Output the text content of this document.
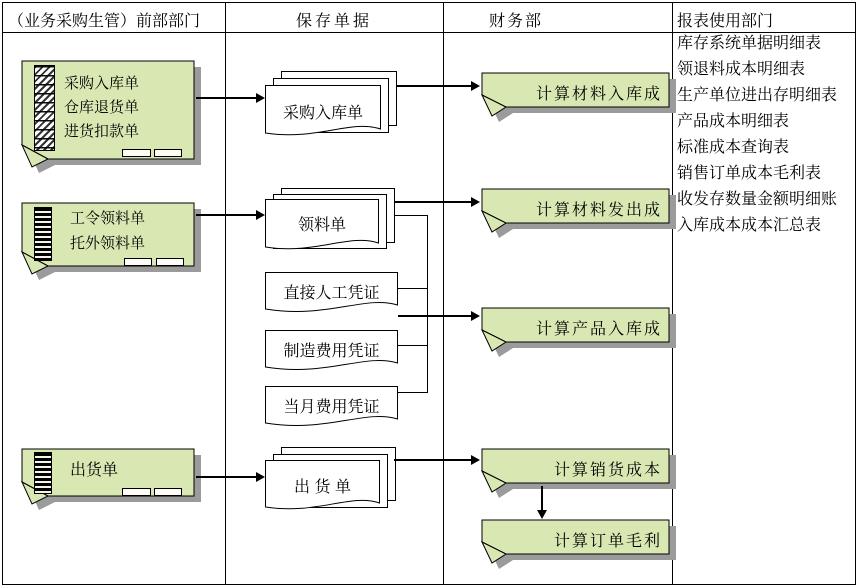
（业务采购生管）前部部门	保存单据	财务部	报表使用部门
采购入库单
仓库退货单
进货扣款单
工令领料单
托外领料单
出货单
采购入库单
领料单
直接人工凭证
制造费用凭证
当月费用凭证
出 货 单
计算材料入库成
计算材料发出成
计算产品入库成
计算销货成本
计算订单毛利
库存系统单据明细表
领退料成本明细表
生产单位进出存明细表
产品成本明细表
标准成本查询表
销售订单成本毛利表
收发存数量金额明细账
入库成本成本汇总表
